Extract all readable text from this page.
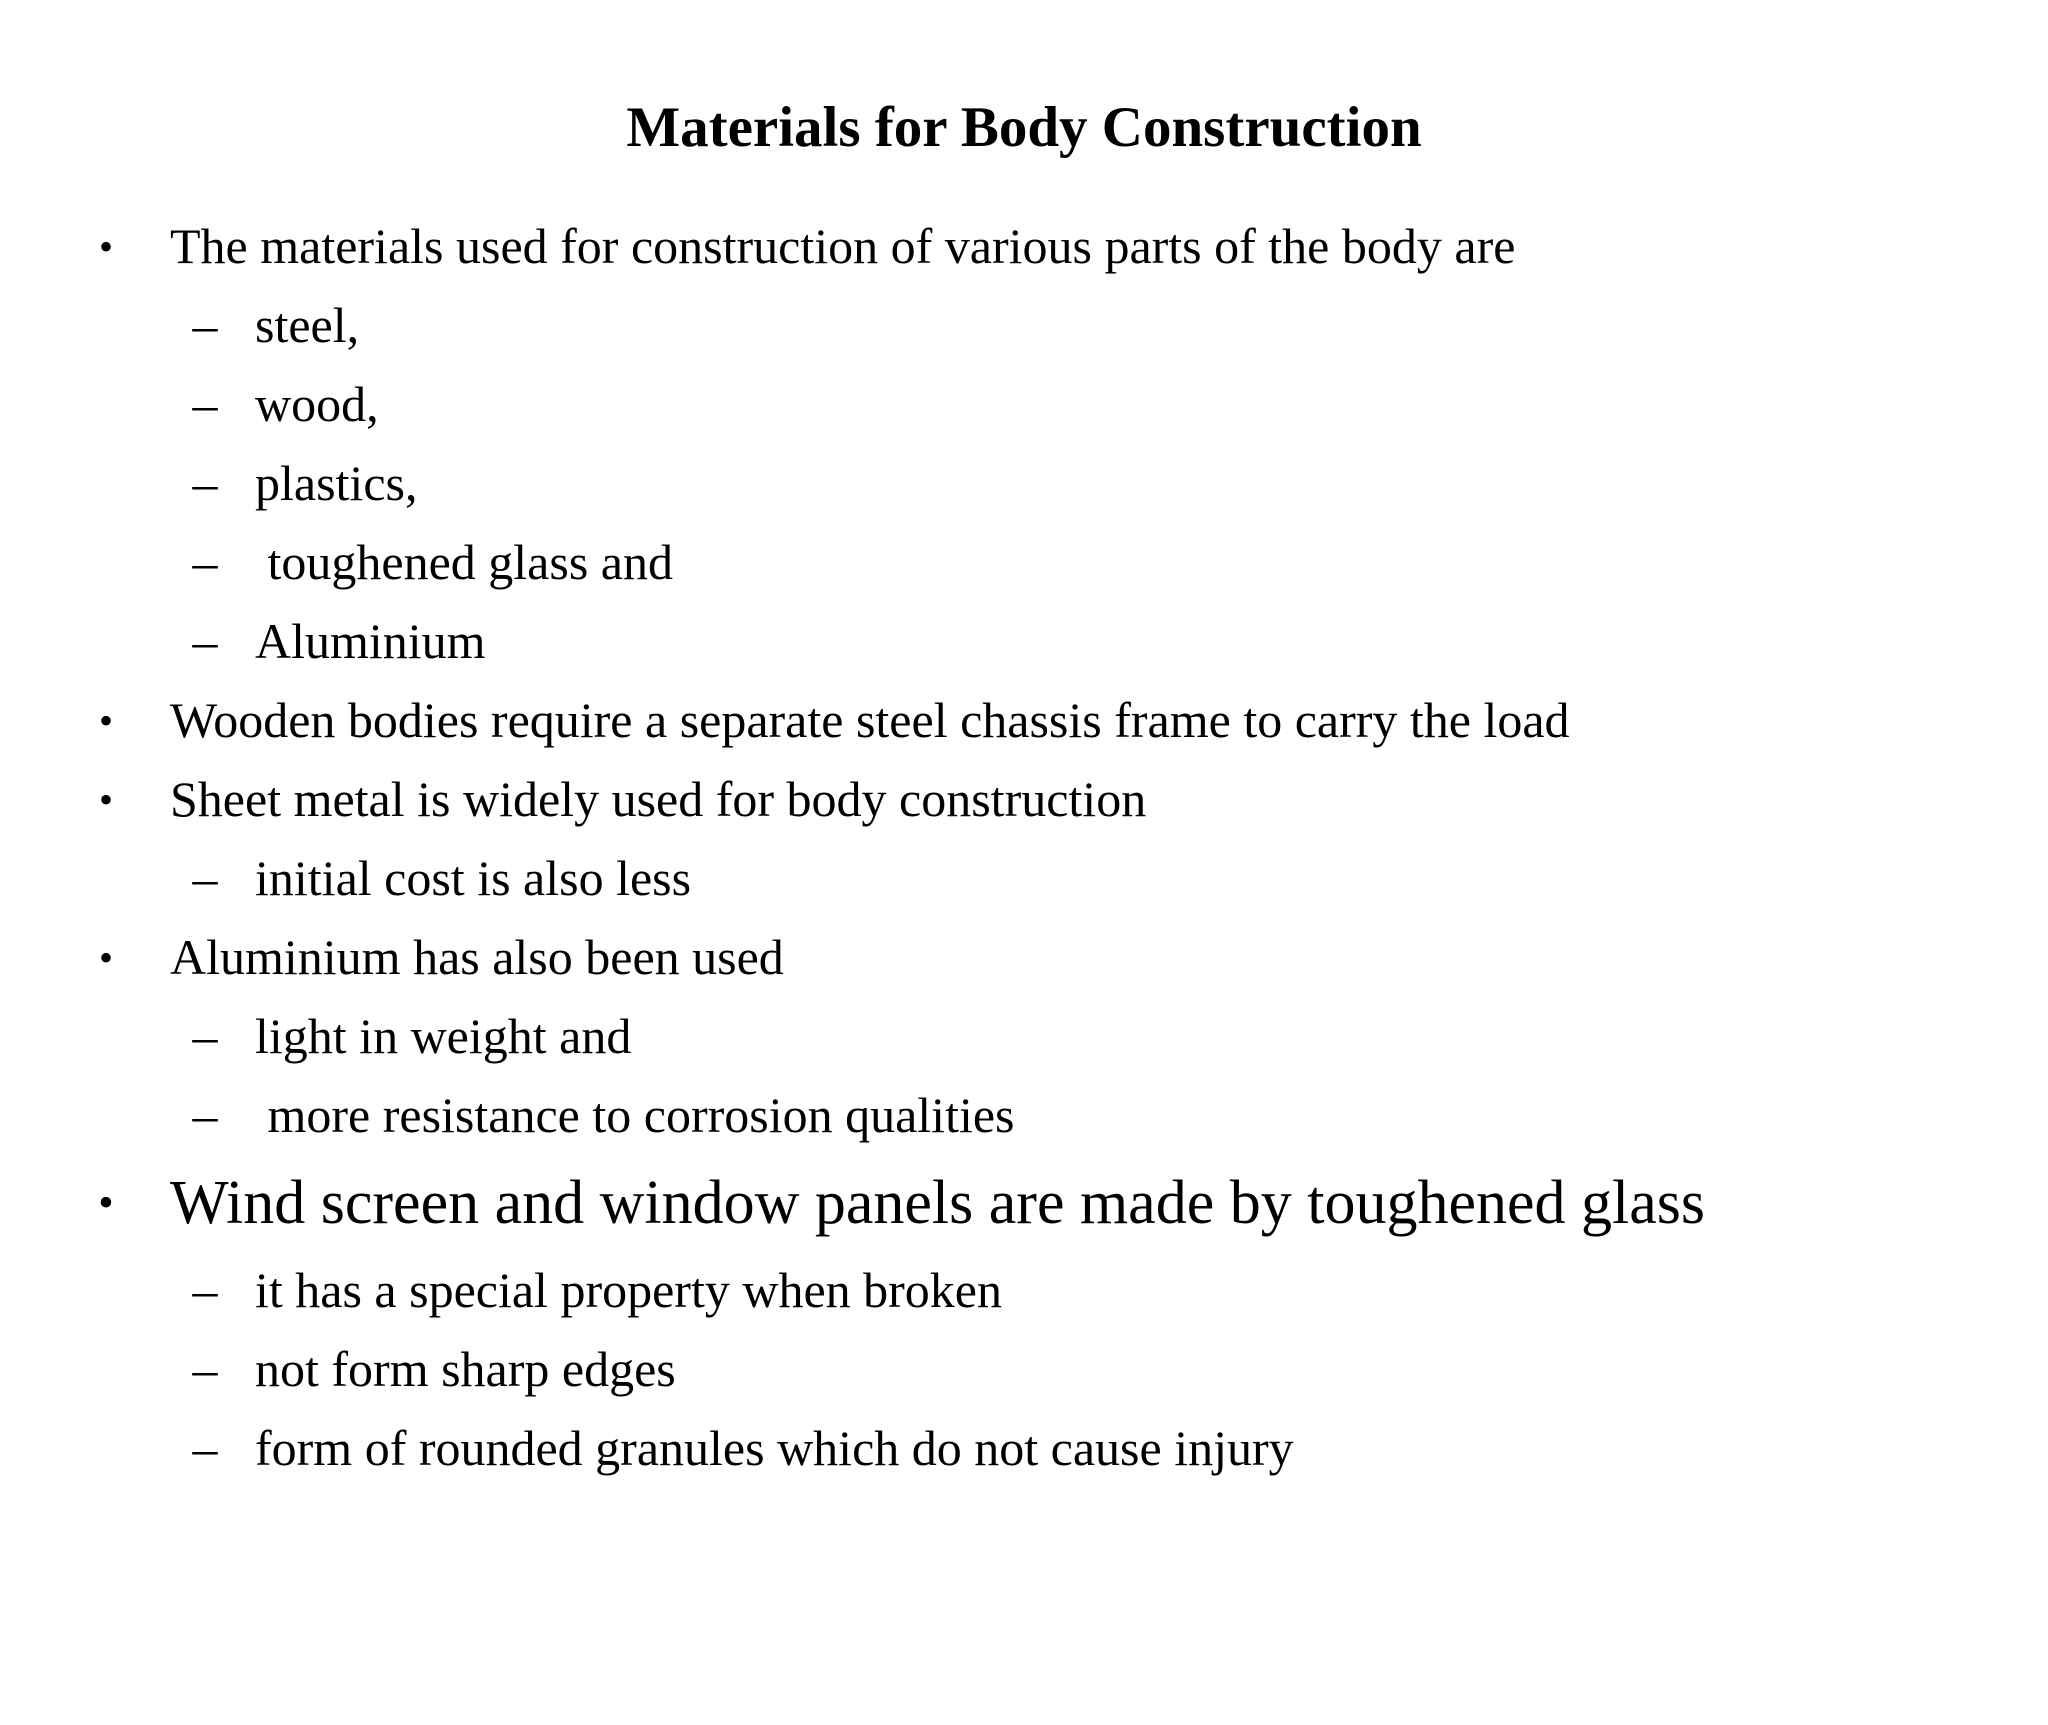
Materials for Body Construction

•

The materials used for construction of various parts of the body are

–

steel,

–

wood,

–

plastics,

–

toughened glass and

–

Aluminium

•

Wooden bodies require a separate steel chassis frame to carry the load

•

Sheet metal is widely used for body construction

–

initial cost is also less

•

Aluminium has also been used

–

light in weight and

–

more resistance to corrosion qualities

•

Wind screen and window panels are made by toughened glass

–

it has a special property when broken

–

not form sharp edges

–

form of rounded granules which do not cause injury
